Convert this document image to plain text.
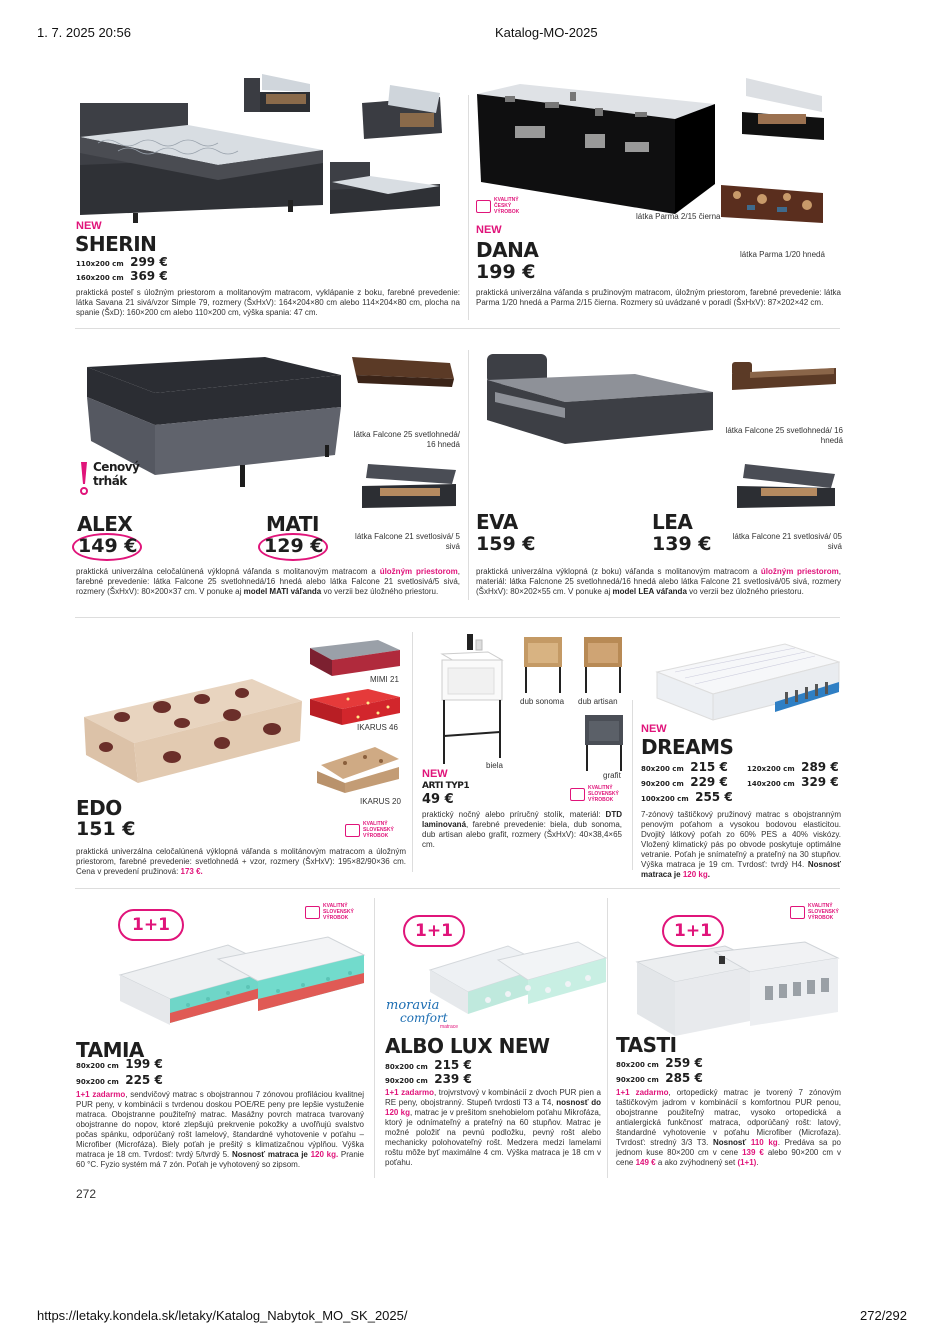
1. 7. 2025 20:56	Katalog-MO-2025
NEW
SHERIN
110x200 cm 299 €
160x200 cm 369 €
praktická posteľ s úložným priestorom a molitanovým matracom, vyklápanie z boku, farebné prevedenie: látka Savana 21 sivá/vzor Simple 79, rozmery (ŠxHxV): 164×204×80 cm alebo 114×204×80 cm, plocha na spanie (ŠxD): 160×200 cm alebo 110×200 cm, výška spania: 47 cm.
KVALITNÝ ČESKÝ VÝROBOK	látka Parma 2/15 čierna
látka Parma 1/20 hnedá
NEW
DANA
199 €
praktická univerzálna váľanda s pružinovým matracom, úložným priestorom, farebné prevedenie: látka Parma 1/20 hnedá a Parma 2/15 čierna. Rozmery sú uvádzané v poradí (ŠxHxV): 87×202×42 cm.
látka Falcone 25 svetlohnedá/ 16 hnedá
Cenový
trhák
ALEX
149 €
MATI
129 €	látka Falcone 21 svetlosivá/ 5 sivá
praktická univerzálna celočalúnená výklopná váľanda s molitanovým matracom a úložným priestorom, farebné prevedenie: látka Falcone 25 svetlohnedá/16 hnedá alebo látka Falcone 21 svetlosivá/5 sivá, rozmery (ŠxHxV): 80×200×37 cm. V ponuke aj model MATI váľanda vo verzii bez úložného priestoru.
látka Falcone 25 svetlohnedá/ 16 hnedá
EVA
159 €
LEA
139 €	látka Falcone 21 svetlosivá/ 05 sivá
praktická univerzálna výklopná (z boku) váľanda s molitanovým matracom a úložným priestorom, materiál: látka Falcnone 25 svetlohnedá/16 hnedá alebo látka Falcone 21 svetlosivá/05 sivá, rozmery (ŠxHxV): 80×202×55 cm. V ponuke aj model LEA váľanda vo verzii bez úložného priestoru.
MIMI 21
IKARUS 46
IKARUS 20
EDO
151 €	KVALITNÝ SLOVENSKÝ VÝROBOK
praktická univerzálna celočalúnená výklopná váľanda s molitánovým matracom a úložným priestorom, farebné prevedenie: svetlohnedá + vzor, rozmery (ŠxHxV): 195×82/90×36 cm. Cena v prevedení pružinová: 173 €.
biela
dub sonoma dub artisan
grafit
NEW
ARTI TYP1
49 €
KVALITNÝ SLOVENSKÝ VÝROBOK
praktický nočný alebo príručný stolík, materiál: DTD laminovaná, farebné prevedenie: biela, dub sonoma, dub artisan alebo grafit, rozmery (ŠxHxV): 40×38,4×65 cm.
NEW
DREAMS
80x200 cm 215 €	120x200 cm 289 €
90x200 cm 229 €	140x200 cm 329 €
100x200 cm 255 €
7-zónový taštičkový pružinový matrac s obojstranným penovým poťahom a vysokou bodovou elasticitou. Dvojitý látkový poťah zo 60% PES a 40% viskózy. Vložený klimatický pás po obvode poskytuje optimálne vetranie. Poťah je snímateľný a prateľný na 30 stupňov. Výška matraca je 19 cm. Tvrdosť: tvrdý H4. Nosnosť matraca je 120 kg.
1+1
KVALITNÝ SLOVENSKÝ VÝROBOK
TAMIA
80x200 cm 199 €
90x200 cm 225 €
1+1 zadarmo, sendvičový matrac s obojstrannou 7 zónovou profiláciou kvalitnej PUR peny, v kombinácii s tvrdenou doskou POE/RE peny pre lepšie vystuženie matraca. Obojstranne použiteľný matrac. Masážny povrch matraca tvarovaný obojstranne do nopov, ktoré zlepšujú prekrvenie pokožky a uvoľňujú svalstvo počas spánku, odporúčaný rošt lamelový, štandardné vyhotovenie v poťahu – Microfiber (Microfáza). Biely poťah je prešitý s klimatizačnou výplňou. Výška matraca je 18 cm. Tvrdosť: tvrdý 5/tvrdý 5. Nosnosť matraca je 120 kg. Pranie 60 °C. Fyzio systém má 7 zón. Poťah je vyhotovený so zipsom.
1+1
moravia
comfort
matrace
ALBO LUX NEW
80x200 cm 215 €
90x200 cm 239 €
1+1 zadarmo, trojvrstvový v kombinácií z dvoch PUR pien a RE peny, obojstranný. Stupeň tvrdosti T3 a T4, nosnosť do 120 kg, matrac je v prešitom snehobielom poťahu Mikrofáza, ktorý je odnímateľný a prateľný na 60 stupňov. Matrac je možné položiť na pevnú podložku, pevný rošt alebo mechanicky polohovateľný rošt. Medzera medzi lamelami roštu môže byť maximálne 4 cm. Výška matraca je 18 cm v poťahu.
1+1
KVALITNÝ SLOVENSKÝ VÝROBOK
TASTI
80x200 cm 259 €
90x200 cm 285 €
1+1 zadarmo, ortopedický matrac je tvorený 7 zónovým taštičkovým jadrom v kombinácií s komfortnou PUR penou, obojstranne použiteľný matrac, vysoko ortopedická a antialergická funkčnosť matraca, odporúčaný rošt: latový, štandardné vyhotovenie v poťahu Microfiber (Microfaza). Tvrdosť: stredný 3/3 T3. Nosnosť 110 kg. Predáva sa po jednom kuse 80×200 cm v cene 139 € alebo 90×200 cm v cene 149 € a ako zvýhodnený set (1+1).
272
https://letaky.kondela.sk/letaky/Katalog_Nabytok_MO_SK_2025/	272/292
